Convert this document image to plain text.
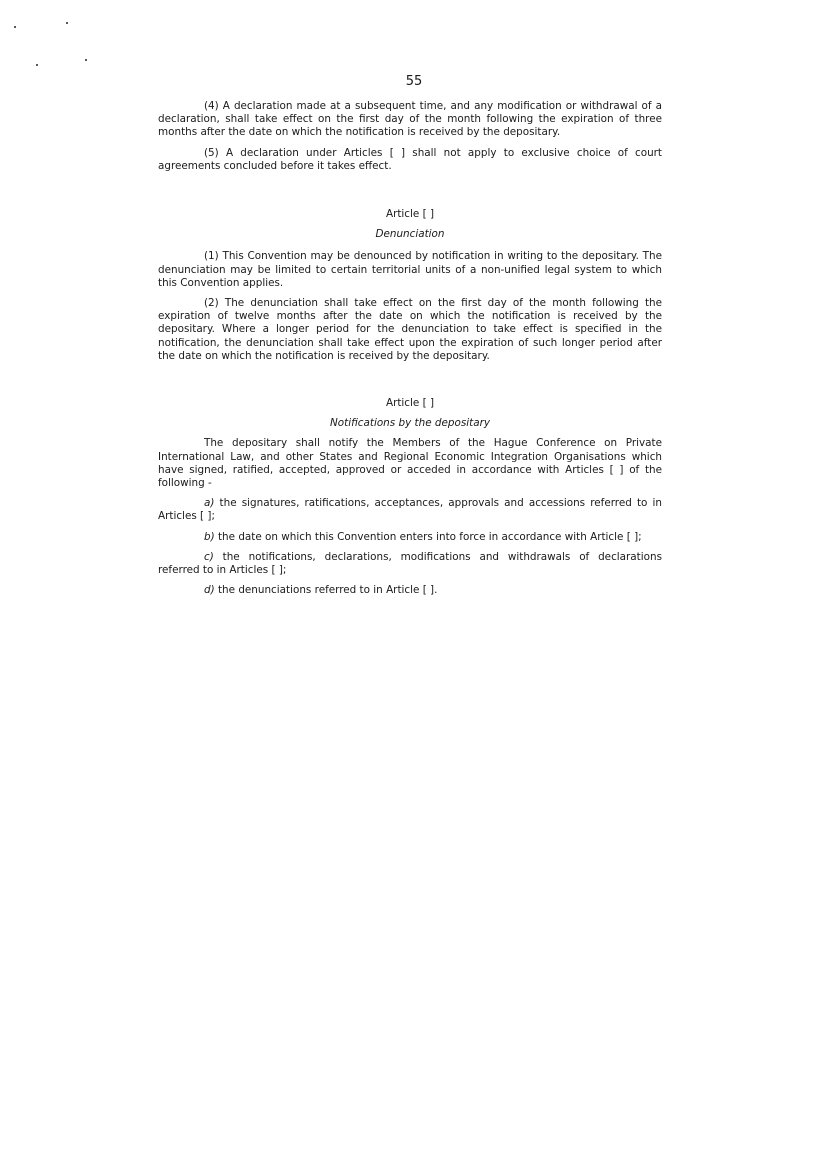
55

(4) A declaration made at a subsequent time, and any modification or withdrawal of a declaration, shall take effect on the first day of the month following the expiration of three months after the date on which the notification is received by the depositary.

(5) A declaration under Articles [ ] shall not apply to exclusive choice of court agreements concluded before it takes effect.

Article [ ]

Denunciation

(1) This Convention may be denounced by notification in writing to the depositary. The denunciation may be limited to certain territorial units of a non-unified legal system to which this Convention applies.

(2) The denunciation shall take effect on the first day of the month following the expiration of twelve months after the date on which the notification is received by the depositary. Where a longer period for the denunciation to take effect is specified in the notification, the denunciation shall take effect upon the expiration of such longer period after the date on which the notification is received by the depositary.

Article [ ]

Notifications by the depositary

The depositary shall notify the Members of the Hague Conference on Private International Law, and other States and Regional Economic Integration Organisations which have signed, ratified, accepted, approved or acceded in accordance with Articles [ ] of the following -

a) the signatures, ratifications, acceptances, approvals and accessions referred to in Articles [ ];

b) the date on which this Convention enters into force in accordance with Article [ ];

c) the notifications, declarations, modifications and withdrawals of declarations referred to in Articles [ ];

d) the denunciations referred to in Article [ ].
